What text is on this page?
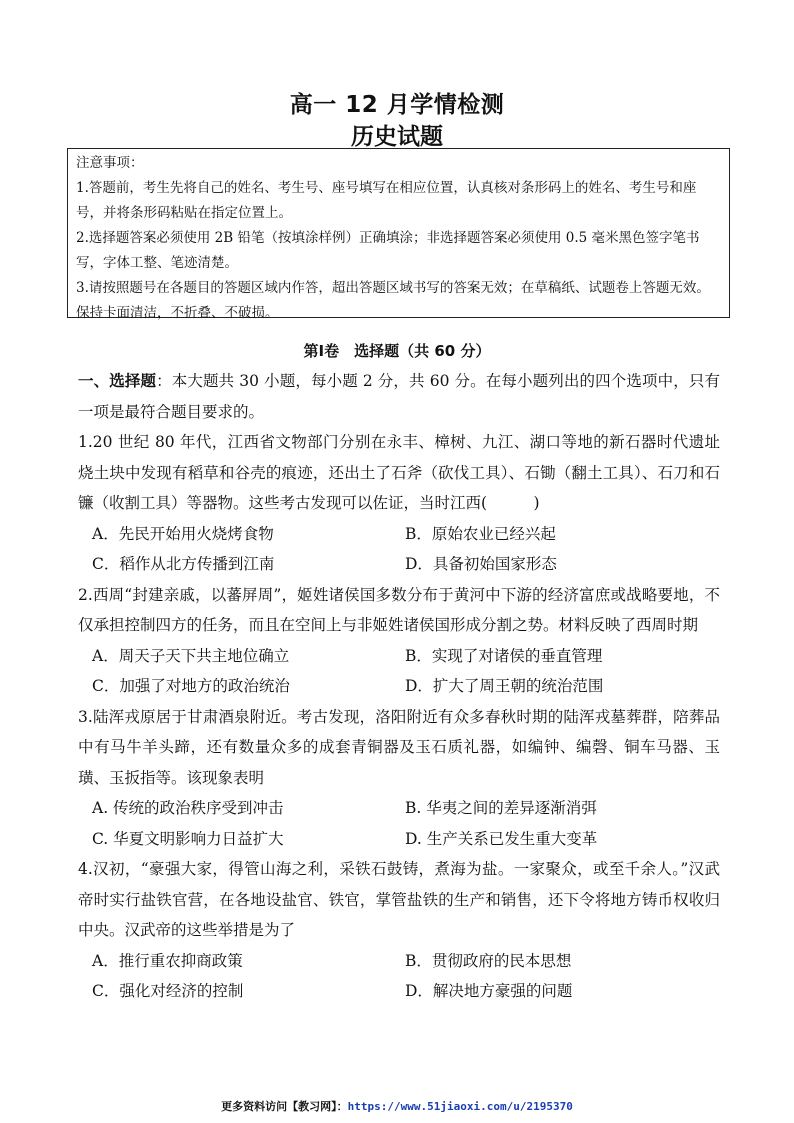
高一 12 月学情检测
历史试题
注意事项：
1.答题前，考生先将自己的姓名、考生号、座号填写在相应位置，认真核对条形码上的姓名、考生号和座号，并将条形码粘贴在指定位置上。
2.选择题答案必须使用 2B 铅笔（按填涂样例）正确填涂；非选择题答案必须使用 0.5 毫米黑色签字笔书写，字体工整、笔迹清楚。
3.请按照题号在各题目的答题区域内作答，超出答题区域书写的答案无效；在草稿纸、试题卷上答题无效。保持卡面清洁，不折叠、不破损。
第Ⅰ卷　选择题（共 60 分）

一、选择题：本大题共 30 小题，每小题 2 分，共 60 分。在每小题列出的四个选项中，只有一项是最符合题目要求的。

1.20 世纪 80 年代，江西省文物部门分别在永丰、樟树、九江、湖口等地的新石器时代遗址烧土块中发现有稻草和谷壳的痕迹，还出土了石斧（砍伐工具）、石锄（翻土工具）、石刀和石镰（收割工具）等器物。这些考古发现可以佐证，当时江西(　　　)

A．先民开始用火烧烤食物	B．原始农业已经兴起
C．稻作从北方传播到江南	D．具备初始国家形态

2.西周“封建亲戚，以蕃屏周”，姬姓诸侯国多数分布于黄河中下游的经济富庶或战略要地，不仅承担控制四方的任务，而且在空间上与非姬姓诸侯国形成分割之势。材料反映了西周时期

A．周天子天下共主地位确立	B．实现了对诸侯的垂直管理
C．加强了对地方的政治统治	D．扩大了周王朝的统治范围

3.陆浑戎原居于甘肃酒泉附近。考古发现，洛阳附近有众多春秋时期的陆浑戎墓葬群，陪葬品中有马牛羊头蹄，还有数量众多的成套青铜器及玉石质礼器，如编钟、编磬、铜车马器、玉璜、玉扳指等。该现象表明

A. 传统的政治秩序受到冲击	B. 华夷之间的差异逐渐消弭
C. 华夏文明影响力日益扩大	D. 生产关系已发生重大变革

4.汉初，“豪强大家，得管山海之利，采铁石鼓铸，煮海为盐。一家聚众，或至千余人。”汉武帝时实行盐铁官营，在各地设盐官、铁官，掌管盐铁的生产和销售，还下令将地方铸币权收归中央。汉武帝的这些举措是为了

A．推行重农抑商政策	B．贯彻政府的民本思想
C．强化对经济的控制	D．解决地方豪强的问题
更多资料访问【教习网】：https://www.51jiaoxi.com/u/2195370
